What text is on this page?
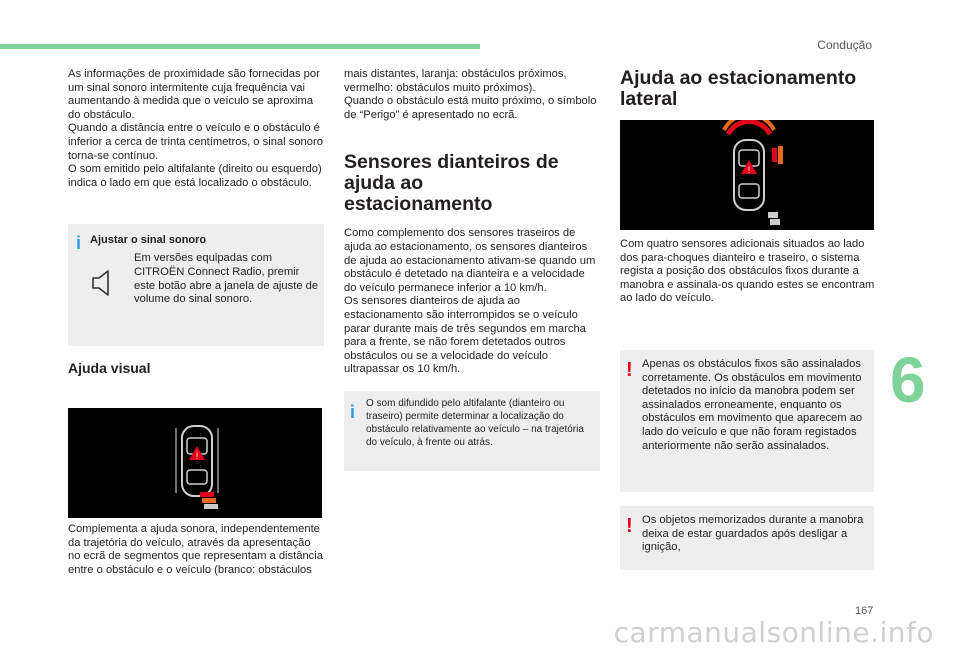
Condução

As informações de proximidade são fornecidas por um sinal sonoro intermitente cuja frequência vai aumentando à medida que o veículo se aproxima do obstáculo.
Quando a distância entre o veículo e o obstáculo é inferior a cerca de trinta centímetros, o sinal sonoro torna-se contínuo.
O som emitido pelo altifalante (direito ou esquerdo) indica o lado em que está localizado o obstáculo.

i Ajustar o sinal sonoro

Em versões equipadas com CITROËN Connect Radio, premir este botão abre a janela de ajuste de volume do sinal sonoro.

Ajuda visual
!

Complementa a ajuda sonora, independentemente da trajetória do veículo, através da apresentação no ecrã de segmentos que representam a distância entre o obstáculo e o veículo (branco: obstáculos

mais distantes, laranja: obstáculos próximos, vermelho: obstáculos muito próximos).
Quando o obstáculo está muito próximo, o símbolo de “Perigo” é apresentado no ecrã.

Sensores dianteiros de ajuda ao estacionamento

Como complemento dos sensores traseiros de ajuda ao estacionamento, os sensores dianteiros de ajuda ao estacionamento ativam-se quando um obstáculo é detetado na dianteira e a velocidade do veículo permanece inferior a 10 km/h.
Os sensores dianteiros de ajuda ao estacionamento são interrompidos se o veículo parar durante mais de três segundos em marcha para a frente, se não forem detetados outros obstáculos ou se a velocidade do veículo ultrapassar os 10 km/h.

i O som difundido pelo altifalante (dianteiro ou traseiro) permite determinar a localização do obstáculo relativamente ao veículo – na trajetória do veículo, à frente ou atrás.

Ajuda ao estacionamento lateral
!

Com quatro sensores adicionais situados ao lado dos para-choques dianteiro e traseiro, o sistema regista a posição dos obstáculos fixos durante a manobra e assinala-os quando estes se encontram ao lado do veículo.

! Apenas os obstáculos fixos são assinalados corretamente. Os obstáculos em movimento detetados no início da manobra podem ser assinalados erroneamente, enquanto os obstáculos em movimento que aparecem ao lado do veículo e que não foram registados anteriormente não serão assinalados.

! Os objetos memorizados durante a manobra deixa de estar guardados após desligar a ignição,

6
167
carmanualsonline.info
